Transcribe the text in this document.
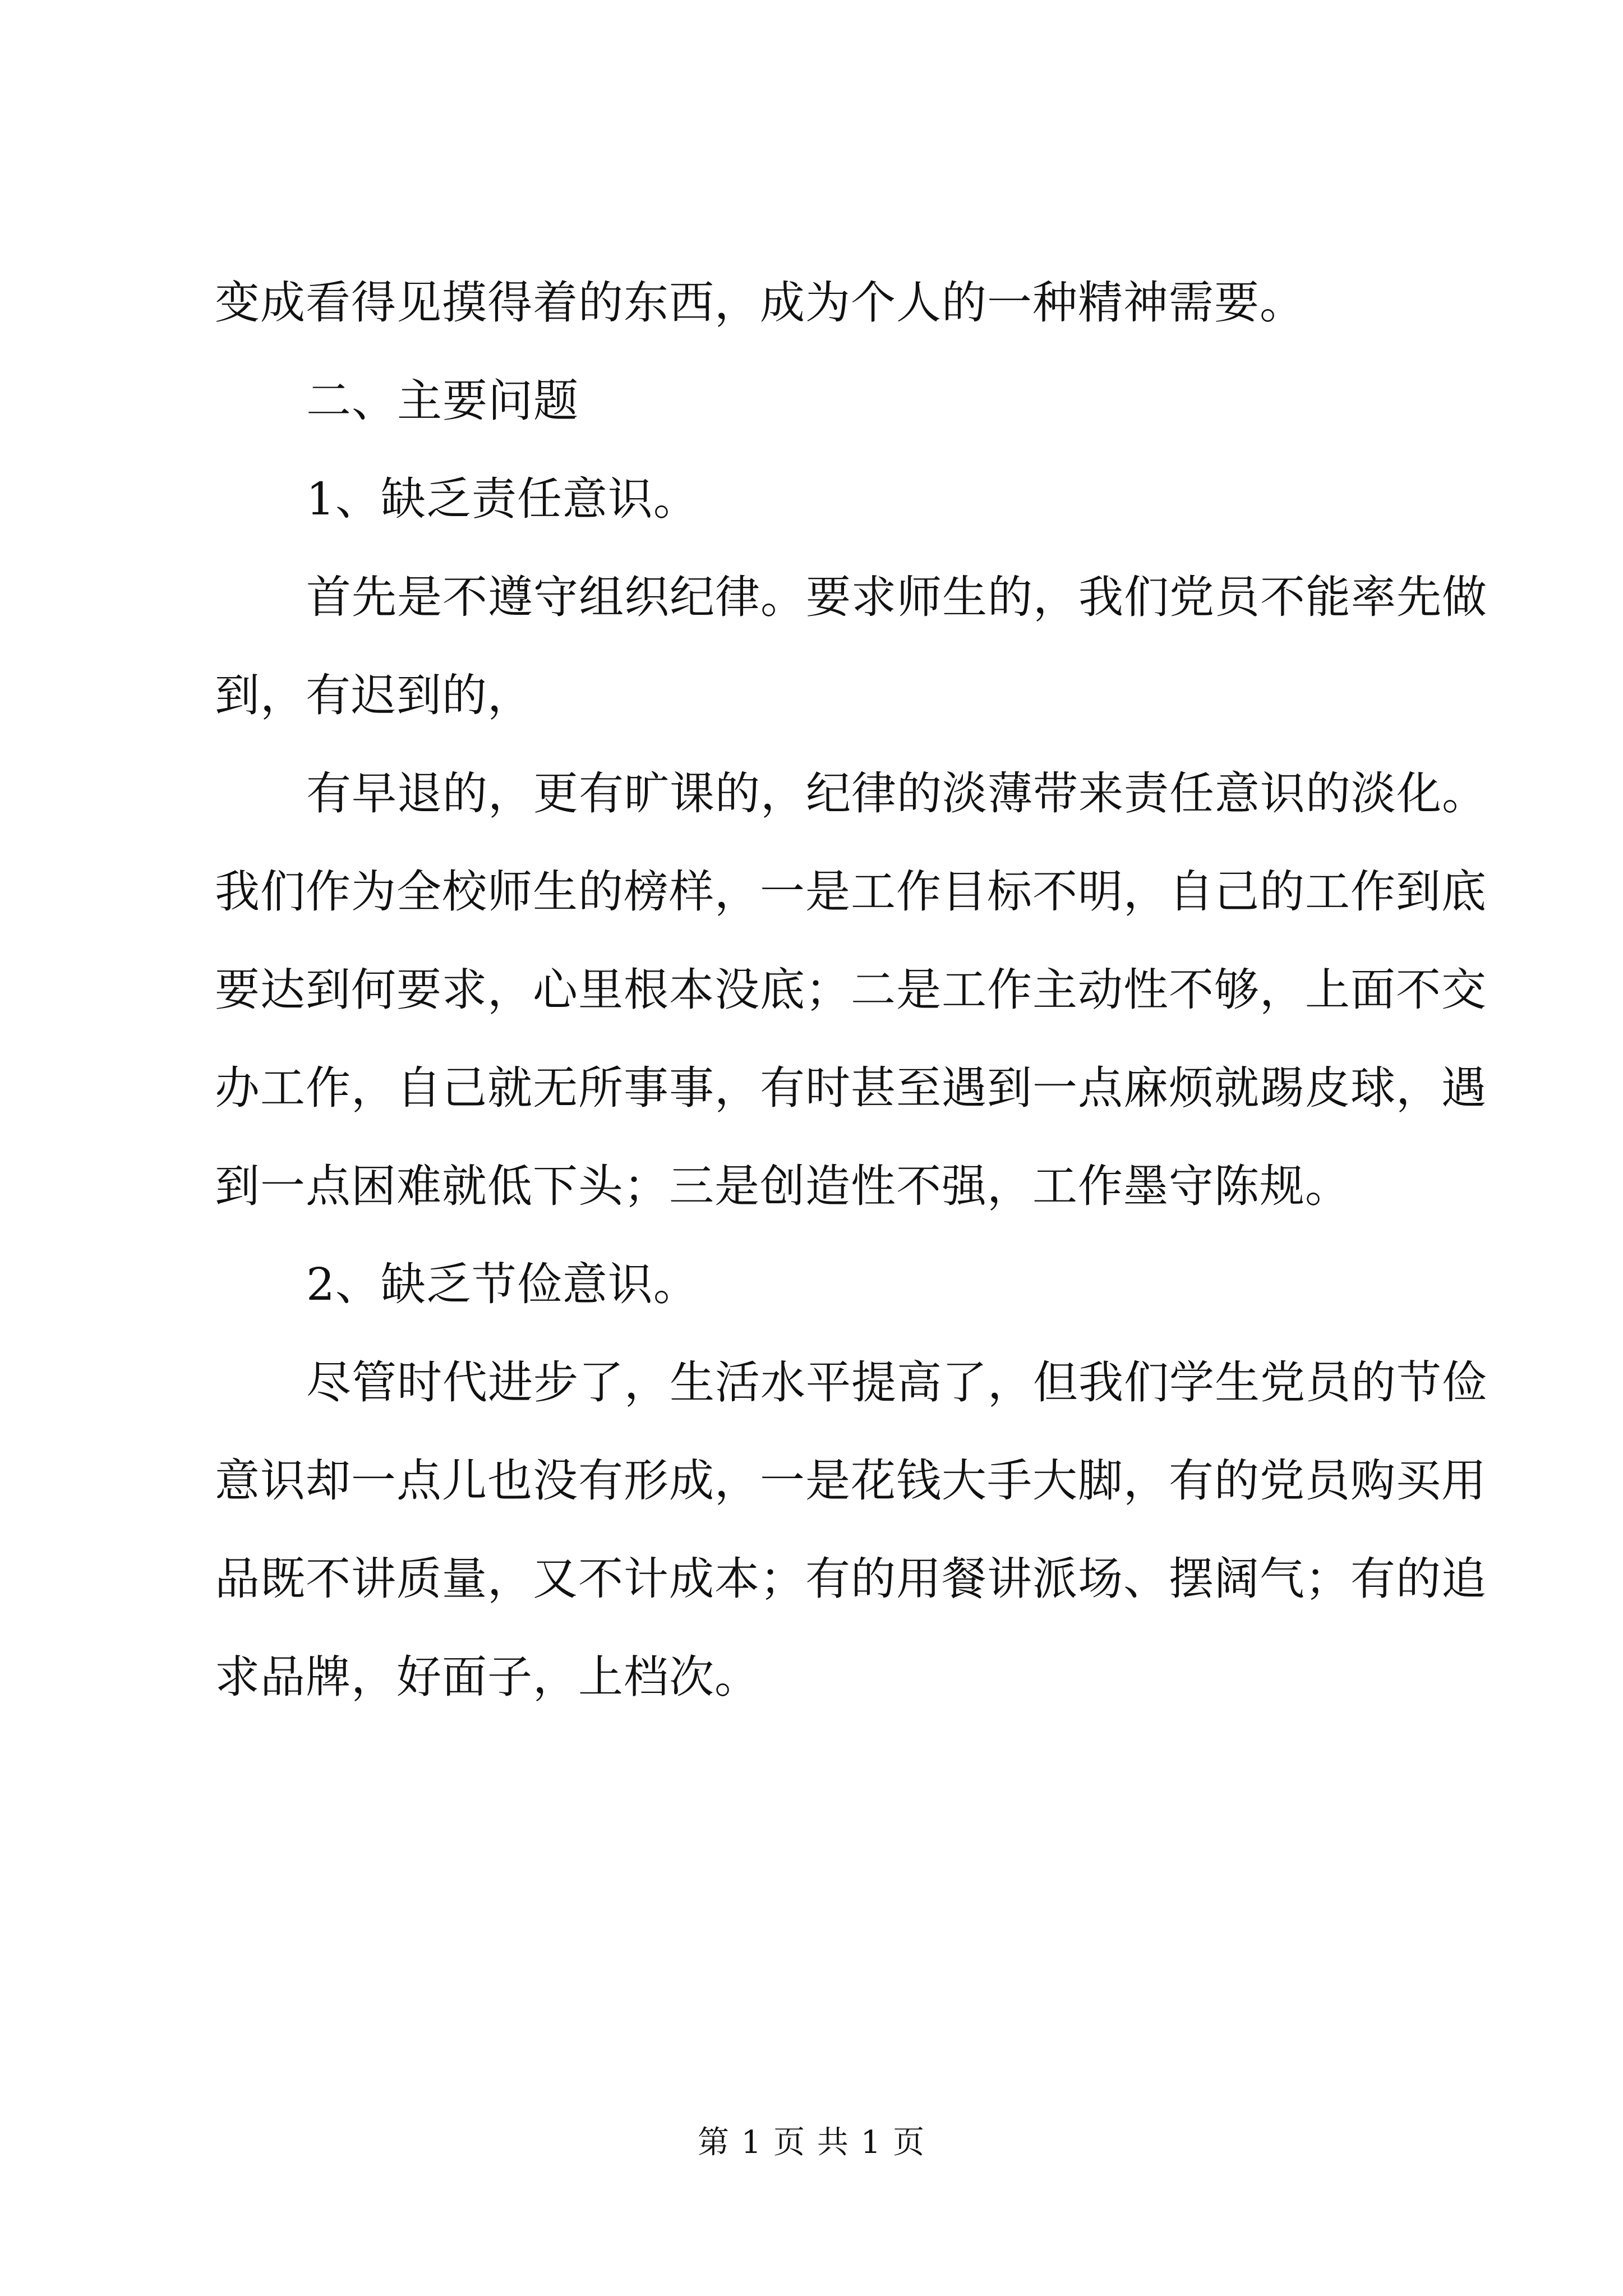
变成看得见摸得着的东西，成为个人的一种精神需要。
二、主要问题
1、缺乏责任意识。
首先是不遵守组织纪律。要求师生的，我们党员不能率先做
到，有迟到的，
有早退的，更有旷课的，纪律的淡薄带来责任意识的淡化。
我们作为全校师生的榜样，一是工作目标不明，自己的工作到底
要达到何要求，心里根本没底；二是工作主动性不够，上面不交
办工作，自己就无所事事，有时甚至遇到一点麻烦就踢皮球，遇
到一点困难就低下头；三是创造性不强，工作墨守陈规。
2、缺乏节俭意识。
尽管时代进步了，生活水平提高了，但我们学生党员的节俭
意识却一点儿也没有形成，一是花钱大手大脚，有的党员购买用
品既不讲质量，又不计成本；有的用餐讲派场、摆阔气；有的追
求品牌，好面子，上档次。
第 1 页 共 1 页
